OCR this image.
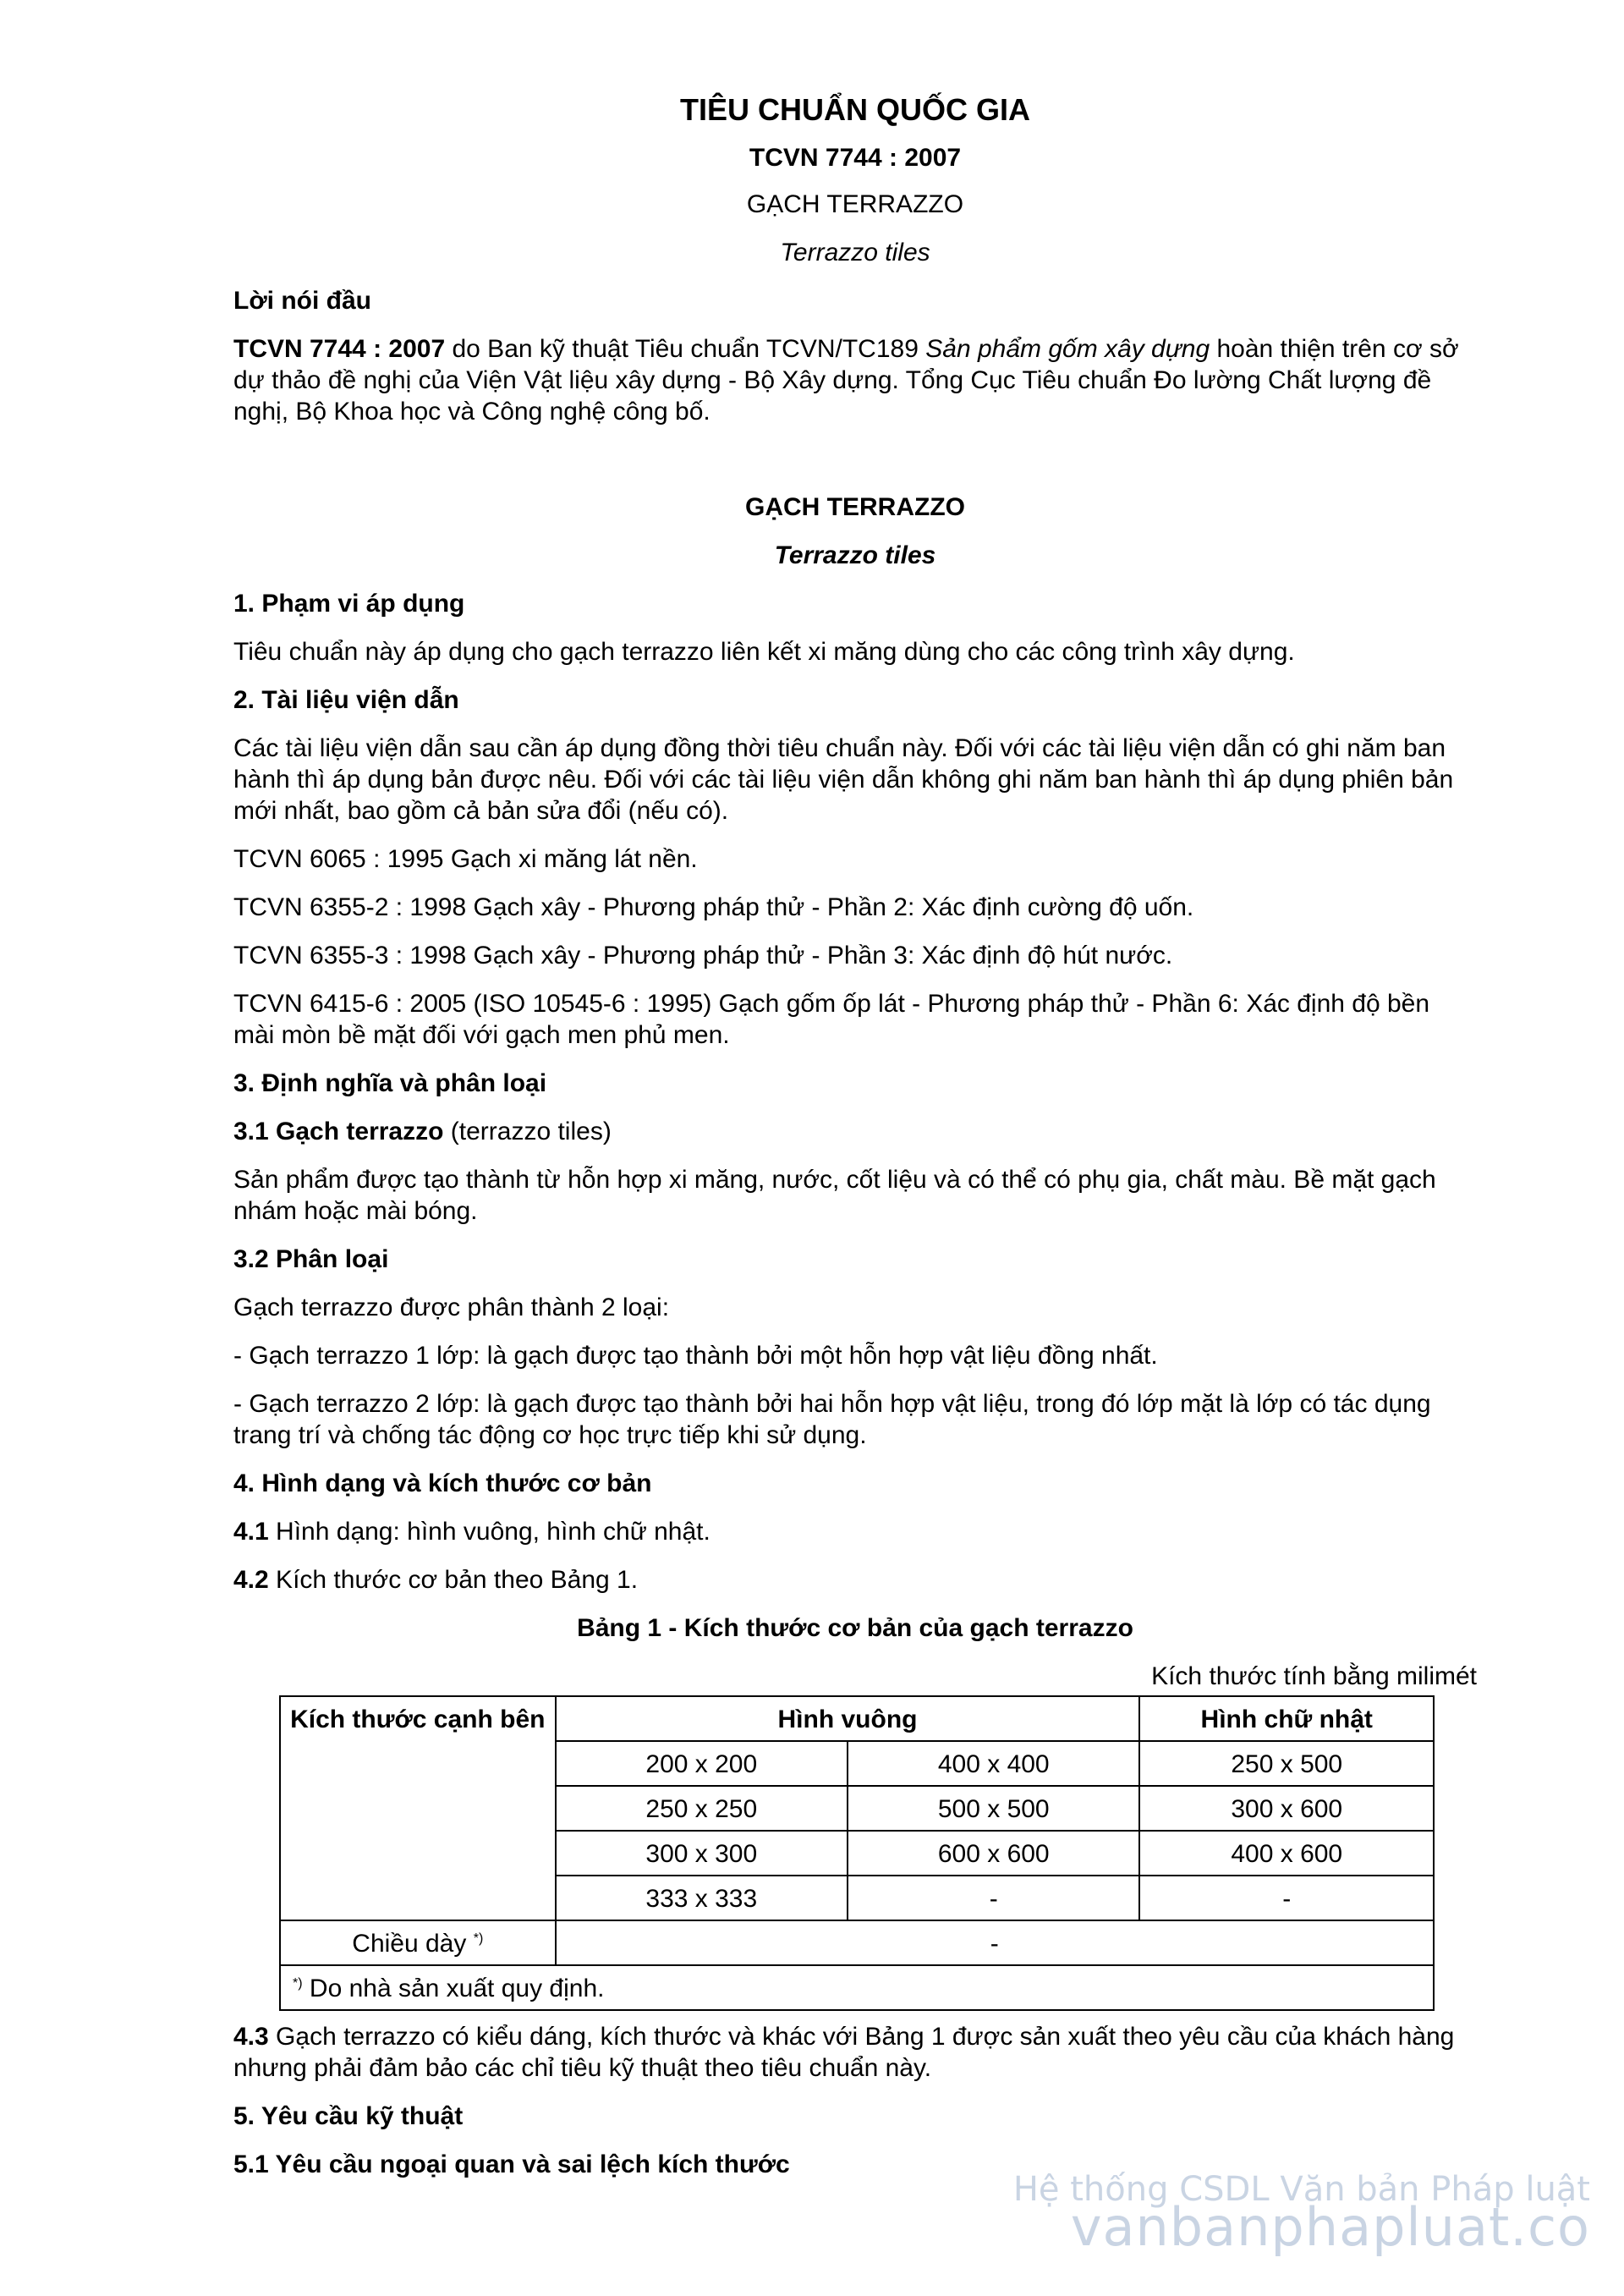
TIÊU CHUẨN QUỐC GIA
TCVN 7744 : 2007
GẠCH TERRAZZO
Terrazzo tiles

Lời nói đầu

TCVN 7744 : 2007 do Ban kỹ thuật Tiêu chuẩn TCVN/TC189 Sản phẩm gốm xây dựng hoàn thiện trên cơ sở dự thảo đề nghị của Viện Vật liệu xây dựng - Bộ Xây dựng. Tổng Cục Tiêu chuẩn Đo lường Chất lượng đề nghị, Bộ Khoa học và Công nghệ công bố.

GẠCH TERRAZZO
Terrazzo tiles

1. Phạm vi áp dụng

Tiêu chuẩn này áp dụng cho gạch terrazzo liên kết xi măng dùng cho các công trình xây dựng.

2. Tài liệu viện dẫn

Các tài liệu viện dẫn sau cần áp dụng đồng thời tiêu chuẩn này. Đối với các tài liệu viện dẫn có ghi năm ban hành thì áp dụng bản được nêu. Đối với các tài liệu viện dẫn không ghi năm ban hành thì áp dụng phiên bản mới nhất, bao gồm cả bản sửa đổi (nếu có).

TCVN 6065 : 1995 Gạch xi măng lát nền.

TCVN 6355-2 : 1998 Gạch xây - Phương pháp thử - Phần 2: Xác định cường độ uốn.

TCVN 6355-3 : 1998 Gạch xây - Phương pháp thử - Phần 3: Xác định độ hút nước.

TCVN 6415-6 : 2005 (ISO 10545-6 : 1995) Gạch gốm ốp lát - Phương pháp thử - Phần 6: Xác định độ bền mài mòn bề mặt đối với gạch men phủ men.

3. Định nghĩa và phân loại

3.1 Gạch terrazzo (terrazzo tiles)

Sản phẩm được tạo thành từ hỗn hợp xi măng, nước, cốt liệu và có thể có phụ gia, chất màu. Bề mặt gạch nhám hoặc mài bóng.

3.2 Phân loại

Gạch terrazzo được phân thành 2 loại:

- Gạch terrazzo 1 lớp: là gạch được tạo thành bởi một hỗn hợp vật liệu đồng nhất.

- Gạch terrazzo 2 lớp: là gạch được tạo thành bởi hai hỗn hợp vật liệu, trong đó lớp mặt là lớp có tác dụng trang trí và chống tác động cơ học trực tiếp khi sử dụng.

4. Hình dạng và kích thước cơ bản

4.1 Hình dạng: hình vuông, hình chữ nhật.

4.2 Kích thước cơ bản theo Bảng 1.

Bảng 1 - Kích thước cơ bản của gạch terrazzo
Kích thước tính bằng milimét
Kích thước cạnh bên	Hình vuông		Hình chữ nhật
	200 x 200	400 x 400	250 x 500
	250 x 250	500 x 500	300 x 600
	300 x 300	600 x 600	400 x 600
	333 x 333	-	-
Chiều dày *)	-		
*) Do nhà sản xuất quy định.			

4.3 Gạch terrazzo có kiểu dáng, kích thước và khác với Bảng 1 được sản xuất theo yêu cầu của khách hàng nhưng phải đảm bảo các chỉ tiêu kỹ thuật theo tiêu chuẩn này.

5. Yêu cầu kỹ thuật

5.1 Yêu cầu ngoại quan và sai lệch kích thước

Hệ thống CSDL Văn bản Pháp luật
vanbanphapluat.co
